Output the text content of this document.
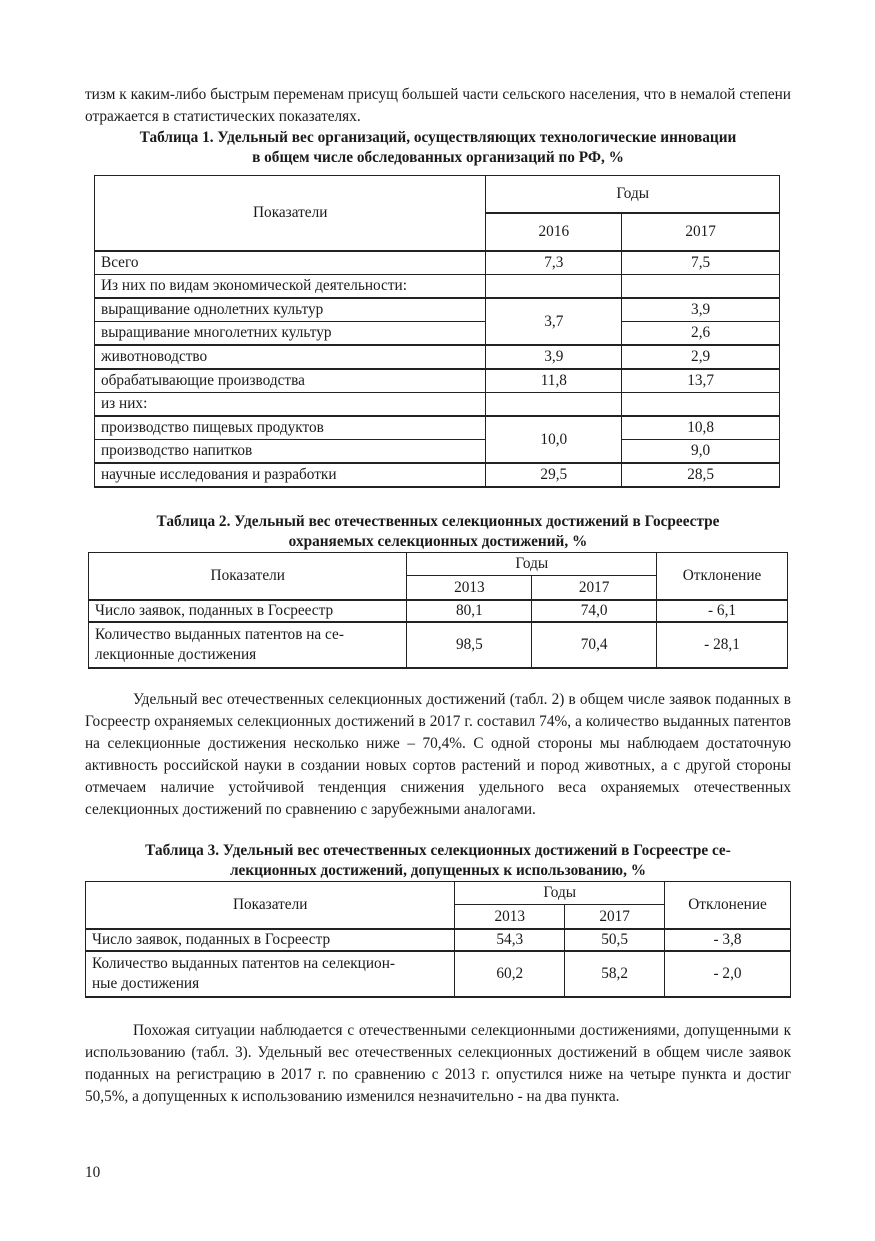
тизм к каким-либо быстрым переменам присущ большей части сельского населения, что в немалой степени отражается в статистических показателях.

Таблица 1. Удельный вес организаций, осуществляющих технологические инновации

в общем числе обследованных организаций по РФ, %

Показатели	Годы	
	2016	2017
Всего	7,3	7,5
Из них по видам экономической деятельности:		
выращивание однолетних культур	3,7	3,9
выращивание многолетних культур		2,6
животноводство	3,9	2,9
обрабатывающие производства	11,8	13,7
из них:		
производство пищевых продуктов	10,0	10,8
производство напитков		9,0
научные исследования и разработки	29,5	28,5

Таблица 2. Удельный вес отечественных селекционных достижений в Госреестре

охраняемых селекционных достижений, %

Показатели	Годы		Отклонение
	2013	2017	
Число заявок, поданных в Госреестр	80,1	74,0	- 6,1

Количество выданных патентов на се-
лекционные достижения	98,5	70,4	- 28,1

Удельный вес отечественных селекционных достижений (табл. 2) в общем числе заявок поданных в Госреестр охраняемых селекционных достижений в 2017 г. составил 74%, а количество выданных патентов на селекционные достижения несколько ниже – 70,4%. С одной стороны мы наблюдаем достаточную активность российской науки в создании новых сортов растений и пород животных, а с другой стороны отмечаем наличие устойчивой тенденция снижения удельного веса охраняемых отечественных селекционных достижений по сравнению с зарубежными аналогами.

Таблица 3. Удельный вес отечественных селекционных достижений в Госреестре се-

лекционных достижений, допущенных к использованию, %

Показатели	Годы		Отклонение
	2013	2017	
Число заявок, поданных в Госреестр	54,3	50,5	- 3,8

Количество выданных патентов на селекцион-
ные достижения	60,2	58,2	- 2,0

Похожая ситуации наблюдается с отечественными селекционными достижениями, допущенными к использованию (табл. 3). Удельный вес отечественных селекционных достижений в общем числе заявок поданных на регистрацию в 2017 г. по сравнению с 2013 г. опустился ниже на четыре пункта и достиг 50,5%, а допущенных к использованию изменился незначительно - на два пункта.

10
